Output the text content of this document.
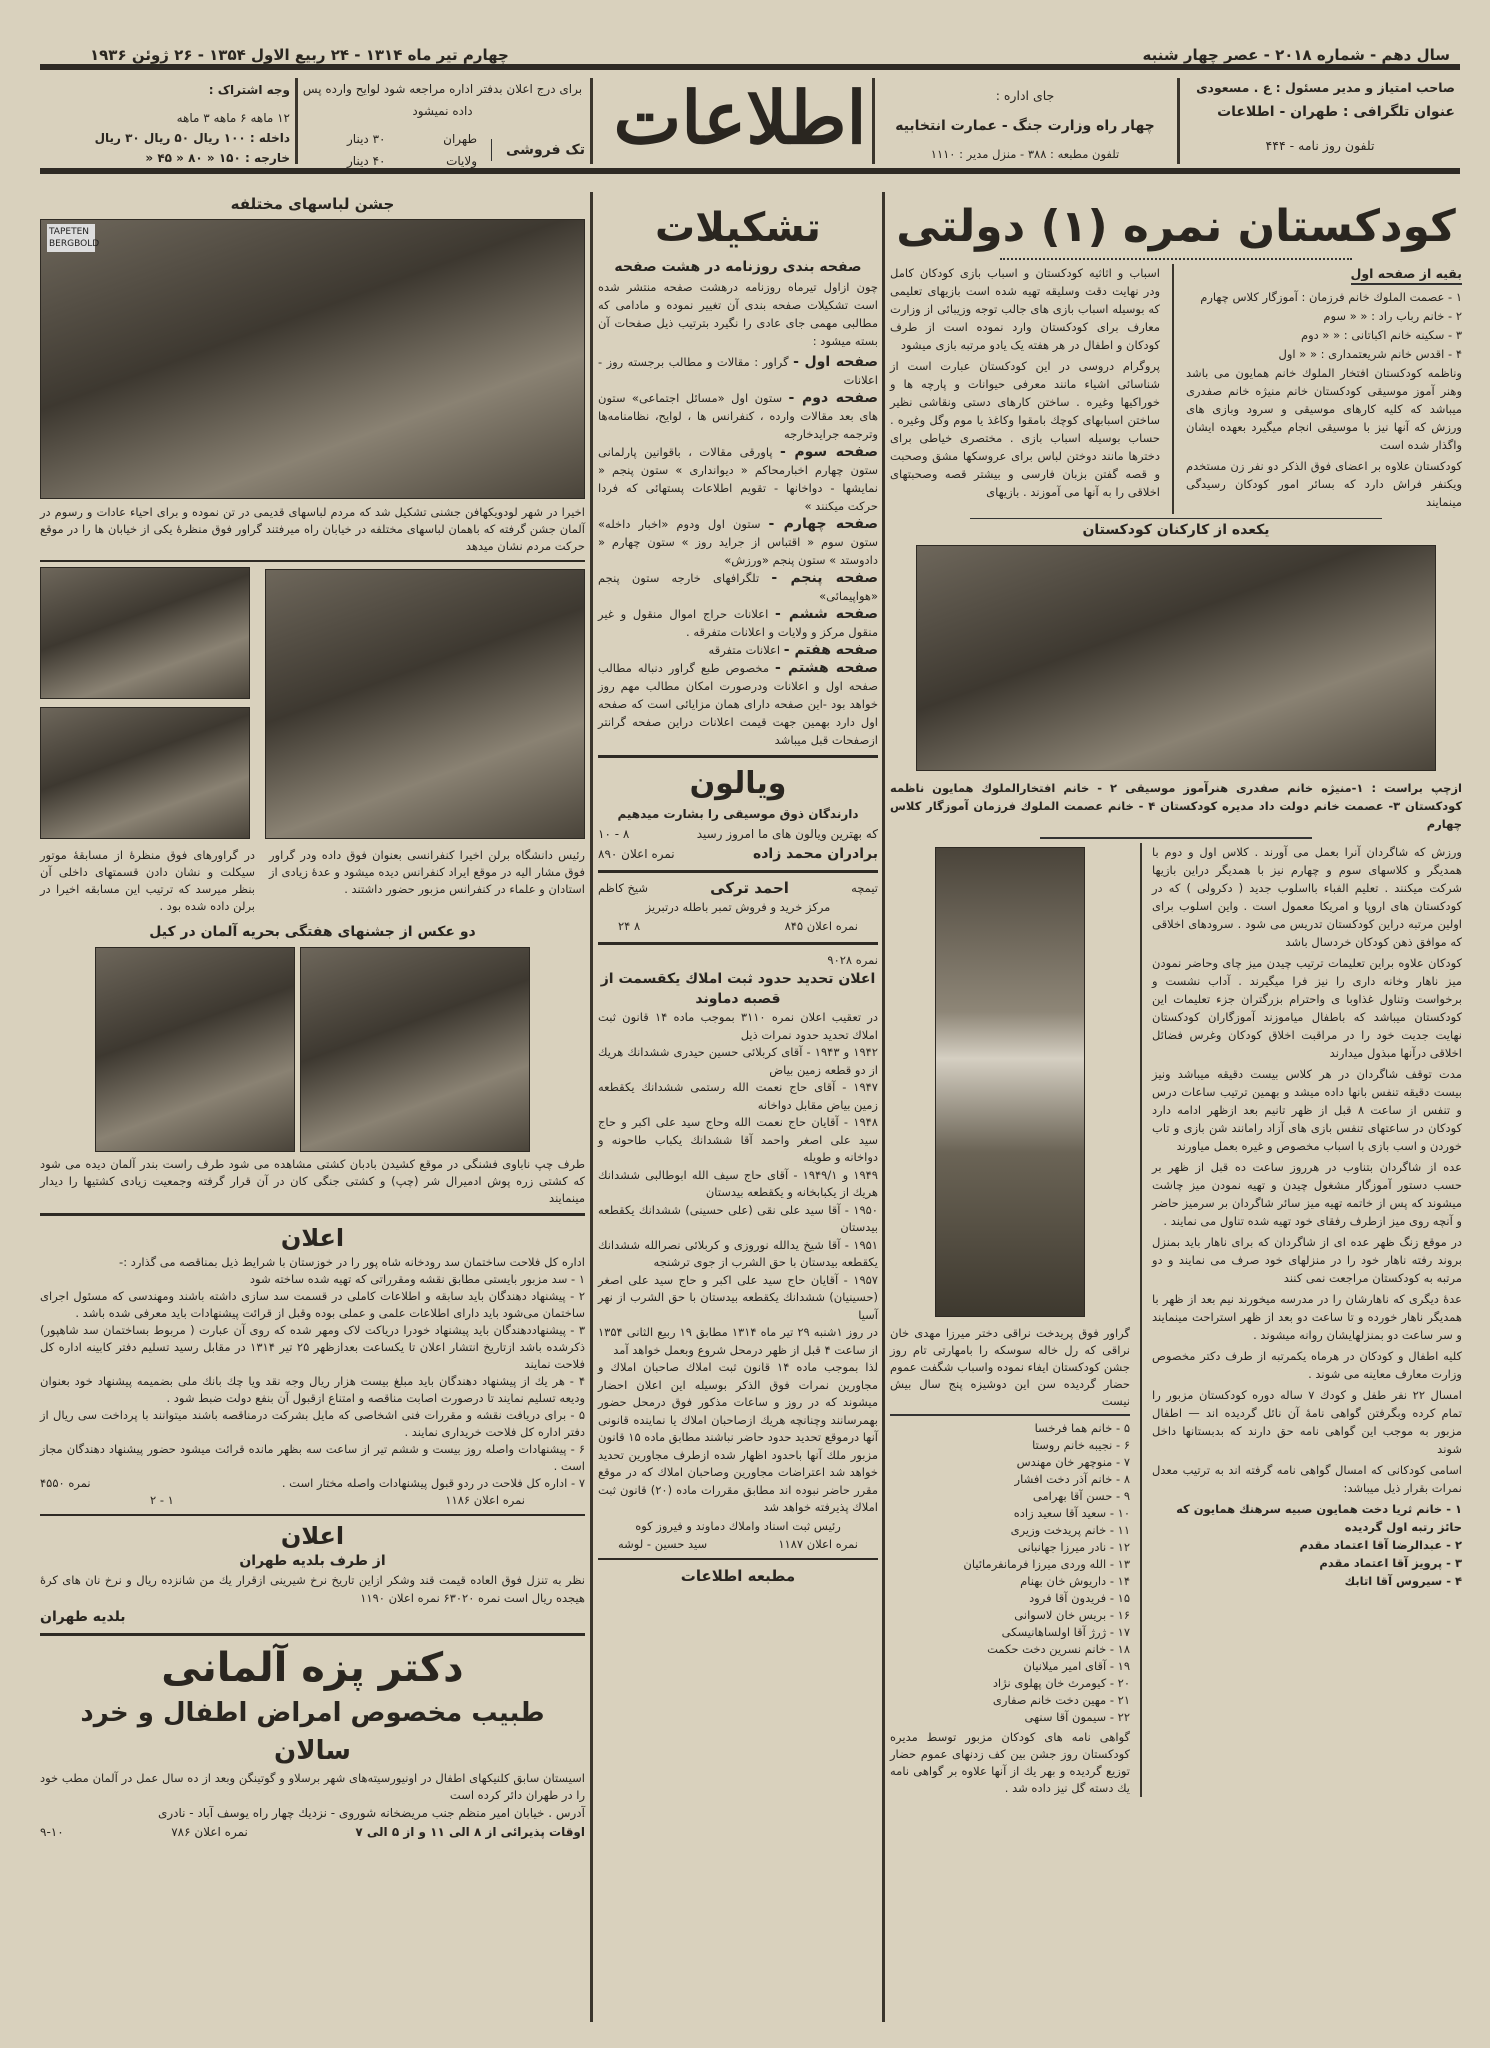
سال دهم - شماره ۲۰۱۸ - عصر چهار شنبه
چهارم تیر ماه ۱۳۱۴ - ۲۴ ربیع الاول ۱۳۵۴ - ۲۶ ژوئن ۱۹۳۶
صاحب امتیاز و مدیر مسئول : ع . مسعودی
عنوان تلگرافی : طهران - اطلاعات
تلفون روز نامه - ۴۴۴
جای اداره :
چهار راه وزارت جنگ - عمارت انتخابیه
تلفون مطبعه : ۳۸۸ - منزل مدیر : ۱۱۱۰
اطلاعات
برای درج اعلان بدفتر اداره مراجعه شود لوایح وارده پس داده نمیشود
تک فروشی
طهران
۳۰ دینار
ولایات
۴۰ دینار
وجه اشتراک :
۱۲ ماهه ۶ ماهه ۳ ماهه
داخله : ۱۰۰ ریال ۵۰ ریال ۳۰ ریال
خارجه : ۱۵۰ « ۸۰ « ۴۵ «
جشن لباسهای مختلفه
TAPETEN BERGBOLD
اخیرا در شهر لودویکهافن جشنی تشکیل شد که مردم لباسهای قدیمی در تن نموده و برای احیاء عادات و رسوم در آلمان جشن گرفته که باهمان لباسهای مختلفه در خیابان راه میرفتند گراور فوق منظرهٔ یکی از خیابان ها را در موقع حرکت مردم نشان میدهد
رئیس دانشگاه برلن اخیرا کنفرانسی بعنوان فوق داده ودر گراور فوق مشار الیه در موقع ایراد کنفرانس دیده میشود و عدهٔ زیادی از استادان و علماء در کنفرانس مزبور حضور داشتند .
در گراورهای فوق منظرهٔ از مسابقهٔ موتور سیکلت و نشان دادن قسمتهای داخلی آن بنظر میرسد که ترتیب این مسابقه اخیرا در برلن داده شده بود .
دو عکس از جشنهای هفتگی بحریه آلمان در کیل
طرف چپ ناباوی فشنگی در موقع کشیدن بادبان کشتی مشاهده می شود طرف راست بندر آلمان دیده می شود که کشتی زره پوش ادمیرال شر (چپ) و کشتی جنگی کان در آن قرار گرفته وجمعیت زیادی کشتیها را دیدار مینمایند
اعلان
اداره کل فلاحت ساختمان سد رودخانه شاه پور را در خوزستان با شرایط ذیل بمناقصه می گذارد :-
۱ - سد مزبور بایستی مطابق نقشه ومقرراتی که تهیه شده ساخته شود
۲ - پیشنهاد دهندگان باید سابقه و اطلاعات کاملی در قسمت سد سازی داشته باشند ومهندسی که مسئول اجرای ساختمان می‌شود باید دارای اطلاعات علمی و عملی بوده وقبل از قرائت پیشنهادات باید معرفی شده باشد .
۳ - پیشنهاددهندگان باید پیشنهاد خودرا دریاکت لاک ومهر شده که روی آن عبارت ( مربوط بساختمان سد شاهپور) ذکرشده باشد ازتاریخ انتشار اعلان تا یکساعت بعدازظهر ۲۵ تیر ۱۳۱۴ در مقابل رسید تسلیم دفتر کابینه اداره کل فلاحت نمایند
۴ - هر یك از پیشنهاد دهندگان باید مبلغ بیست هزار ریال وجه نقد ویا چك بانك ملی بضمیمه پیشنهاد خود بعنوان ودیعه تسلیم نمایند تا درصورت اصابت مناقصه و امتناع ازقبول آن بنفع دولت ضبط شود .
۵ - برای دریافت نقشه و مقررات فنی اشخاصی که مایل بشرکت درمناقصه باشند میتوانند با پرداخت سی ریال از دفتر اداره کل فلاحت خریداری نمایند .
۶ - پیشنهادات واصله روز بیست و ششم تیر از ساعت سه بظهر مانده قرائت میشود حضور پیشنهاد دهندگان مجاز است .
۷ - اداره کل فلاحت در ردو قبول پیشنهادات واصله مختار است .
نمره ۴۵۵۰
نمره اعلان ۱۱۸۶
۱ - ۲
اعلان
از طرف بلدیه طهران
نظر به تنزل فوق العاده قیمت قند وشکر ازاین تاریخ نرخ شیرینی ازقرار یك من شانزده ریال و نرخ نان های کرهٔ هیجده ریال است نمره ۶۳۰۲۰ نمره اعلان ۱۱۹۰
بلدیه طهران
دکتر پزه آلمانی
طبیب مخصوص امراض اطفال و خرد سالان
اسیستان سابق کلنیکهای اطفال در اونیورسیته‌های شهر برسلاو و گوتینگن وبعد از ده سال عمل در آلمان مطب خود را در طهران دائر کرده است
آدرس . خیابان امیر منظم جنب مریضخانه شوروی - نزدیك چهار راه یوسف آباد - نادری
اوقات پذیرائی از ۸ الی ۱۱ و از ۵ الی ۷
نمره اعلان ۷۸۶
۹-۱۰
تشکیلات
صفحه بندی روزنامه در هشت صفحه

چون ازاول تیرماه روزنامه درهشت صفحه منتشر شده است تشکیلات صفحه بندی آن تغییر نموده و مادامی که مطالبی مهمی جای عادی را نگیرد بترتیب ذیل صفحات آن بسته میشود :

صفحه اول - گراور : مقالات و مطالب برجسته روز - اعلانات
صفحه دوم - ستون اول «مسائل اجتماعی» ستون های بعد مقالات وارده ، کنفرانس ها ، لوایح، نظامنامه‌ها وترجمه جرایدخارجه
صفحه سوم - پاورقی مقالات ، باقوانین پارلمانی ستون چهارم اخبارمحاکم « دیوانداری » ستون پنجم « نمایشها - دواخانها - تقویم اطلاعات پستهائی که فردا حرکت میکنند »
صفحه چهارم - ستون اول ودوم «اخبار داخله» ستون سوم « اقتباس از جراید روز » ستون چهارم « دادوستد » ستون پنجم «ورزش»
صفحه پنجم - تلگرافهای خارجه ستون پنجم «هواپیمائی»
صفحه ششم - اعلانات حراج اموال منقول و غیر منقول مرکز و ولایات و اعلانات متفرقه .
صفحه هفتم - اعلانات متفرقه
صفحه هشتم - مخصوص طبع گراور دنباله مطالب صفحه اول و اعلانات ودرصورت امکان مطالب مهم روز خواهد بود -این صفحه دارای همان مزایائی است که صفحه اول دارد بهمین جهت قیمت اعلانات دراین صفحه گرانتر ازصفحات قبل میباشد
ویالون
دارندگان ذوق موسیقی را بشارت میدهیم
که بهترین ویالون های ما امروز رسید
۸ - ۱۰
برادران محمد زاده
نمره اعلان ۸۹۰
تیمچه
احمد ترکی
شیخ کاظم
مرکز خرید و فروش تمبر باطله درتبریز
نمره اعلان ۸۴۵
۸ ۲۴
نمره ۹۰۲۸
اعلان تحدید حدود ثبت املاك یکقسمت از قصبه دماوند
در تعقیب اعلان نمره ۳۱۱۰ بموجب ماده ۱۴ قانون ثبت املاك تحدید حدود نمرات ذیل
۱۹۴۲ و ۱۹۴۳ - آقای کربلائی حسین حیدری ششدانك هریك از دو قطعه زمین بیاض
۱۹۴۷ - آقای حاج نعمت الله رستمی ششدانك یکقطعه زمین بیاض مقابل دواخانه
۱۹۴۸ - آقایان حاج نعمت الله وحاج سید علی اکبر و حاج سید علی اصغر واحمد آقا ششدانك یکباب طاحونه و دواخانه و طویله
۱۹۴۹ و ۱۹۴۹/۱ - آقای حاج سیف الله ابوطالبی ششدانك هریك از یکبابخانه و یکقطعه بیدستان
۱۹۵۰ - آقا سید علی نقی (علی حسینی) ششدانك یکقطعه بیدستان
۱۹۵۱ - آقا شیخ یدالله نوروزی و کربلائی نصرالله ششدانك یکقطعه بیدستان با حق الشرب از جوی ترشنجه
۱۹۵۷ - آقایان حاج سید علی اکبر و حاج سید علی اصغر (حسینیان) ششدانك یکقطعه بیدستان با حق الشرب از نهر آسیا
در روز ۱شنبه ۲۹ تیر ماه ۱۳۱۴ مطابق ۱۹ ربیع الثانی ۱۳۵۴ از ساعت ۴ قبل از ظهر درمحل شروع وبعمل خواهد آمد
لذا بموجب ماده ۱۴ قانون ثبت املاك صاحبان املاك و مجاورین نمرات فوق الذکر بوسیله این اعلان احضار میشوند که در روز و ساعات مذکور فوق درمحل حضور بهمرسانند وچنانچه هریك ازصاحبان املاك یا نماینده قانونی آنها درموقع تحدید حدود حاضر نباشند مطابق ماده ۱۵ قانون مزبور ملك آنها باحدود اظهار شده ازطرف مجاورین تحدید خواهد شد اعتراضات مجاورین وصاحبان املاك که در موقع مقرر حاضر نبوده اند مطابق مقررات ماده (۲۰) قانون ثبت املاك پذیرفته خواهد شد
رئیس ثبت اسناد واملاك دماوند و فیروز کوه
نمره اعلان ۱۱۸۷
سید حسین - لوشه
مطبعه اطلاعات
کودکستان نمره (۱) دولتی
بقیه از صفحه اول
۱ - عصمت الملوك خانم فرزمان : آموزگار کلاس چهارم
۲ - خانم رباب راد : « « سوم
۳ - سکینه خانم اکباتانی : « « دوم
۴ - اقدس خانم شریعتمداری : « « اول

وناظمه کودکستان افتخار الملوك خانم همایون می باشد وهنر آموز موسیقی کودکستان خانم منیژه خانم صفدری میباشد که کلیه کارهای موسیقی و سرود وبازی های ورزش که آنها نیز با موسیقی انجام میگیرد بعهده ایشان واگذار شده است

کودکستان علاوه بر اعضای فوق الذکر دو نفر زن مستخدم ویکنفر فراش دارد که بسائر امور کودکان رسیدگی مینمایند

اسباب و اثاثیه کودکستان و اسباب بازی کودکان کامل ودر نهایت دقت وسلیقه تهیه شده است بازیهای تعلیمی که بوسیله اسباب بازی های جالب توجه وزیبائی از وزارت معارف برای کودکستان وارد نموده است از طرف کودکان و اطفال در هر هفته یک یادو مرتبه بازی میشود

پروگرام دروسی در این کودکستان عبارت است از شناسائی اشیاء مانند معرفی حیوانات و پارچه ها و خوراکیها وغیره . ساختن کارهای دستی ونقاشی نظیر ساختن اسبابهای کوچك بامقوا وکاغذ یا موم وگل وغیره . حساب بوسیله اسباب بازی . مختصری خیاطی برای دخترها مانند دوختن لباس برای عروسکها مشق وصحبت و قصه گفتن بزبان فارسی و بیشتر قصه وصحبتهای اخلاقی را به آنها می آموزند . بازیهای

یکعده از کارکنان کودکستان
ازچپ براست : ۱-منیژه خانم صفدری هنرآموز موسیقی ۲ - خانم افتخارالملوك همایون ناظمه کودکستان ۳- عصمت خانم دولت داد مدیره کودکستان ۴ - خانم عصمت الملوك فرزمان آموزگار کلاس چهارم
گراور فوق پریدخت نراقی دختر میرزا مهدی خان نراقی که رل خاله سوسکه را بامهارتی تام روز جشن کودکستان ایفاء نموده واسباب شگفت عموم حضار گردیده سن این دوشیزه پنج سال بیش نیست
۵ - خانم هما فرخسا
۶ - نجیبه خانم روستا
۷ - منوچهر خان مهندس
۸ - خانم آذر دخت افشار
۹ - حسن آقا بهرامی
۱۰ - سعید آقا سعید زاده
۱۱ - خانم پریدخت وزیری
۱۲ - نادر میرزا جهانبانی
۱۳ - الله وردی میرزا فرمانفرمائیان
۱۴ - داریوش خان بهنام
۱۵ - فریدون آقا فرود
۱۶ - بریس خان لاسوانی
۱۷ - ژرژ آقا اولساهانیسکی
۱۸ - خانم نسرین دخت حکمت
۱۹ - آقای امیر میلانیان
۲۰ - کیومرث خان پهلوی نژاد
۲۱ - مهین دخت خانم صفاری
۲۲ - سیمون آقا سنهی
گواهی نامه های کودکان مزبور توسط مدیره کودکستان روز جشن بین کف زدنهای عموم حضار توزیع گردیده و بهر یك از آنها علاوه بر گواهی نامه یك دسته گل نیز داده شد .

ورزش که شاگردان آنرا بعمل می آورند . کلاس اول و دوم با همدیگر و کلاسهای سوم و چهارم نیز با همدیگر دراین بازیها شرکت میکنند . تعلیم الفباء بااسلوب جدید ( دکرولی ) که در کودکستان های اروپا و امریکا معمول است . واین اسلوب برای اولین مرتبه دراین کودکستان تدریس می شود . سرودهای اخلاقی که موافق ذهن کودکان خردسال باشد

کودکان علاوه براین تعلیمات ترتیب چیدن میز چای وحاضر نمودن میز ناهار وخانه داری را نیز فرا میگیرند . آداب نشست و برخواست وتناول غذاوبا ی واحترام بزرگتران جزء تعلیمات این کودکستان میباشد که باطفال میاموزند آموزگاران کودکستان نهایت جدیت خود را در مراقبت اخلاق کودکان وغرس فضائل اخلاقی درآنها مبذول میدارند

مدت توقف شاگردان در هر کلاس بیست دقیقه میباشد ونیز بیست دقیقه تنفس بانها داده میشد و بهمین ترتیب ساعات درس و تنفس از ساعت ۸ قبل از ظهر تانیم بعد ازظهر ادامه دارد کودکان در ساعتهای تنفس بازی های آزاد رامانند شن بازی و تاب خوردن و اسب بازی با اسباب مخصوص و غیره بعمل میاورند

عده از شاگردان بتناوب در هرروز ساعت ده قبل از ظهر بر حسب دستور آموزگار مشغول چیدن و تهیه نمودن میز چاشت میشوند که پس از خاتمه تهیه میز سائر شاگردان بر سرمیز حاضر و آنچه روی میز ازطرف رفقای خود تهیه شده تناول می نمایند .

در موقع زنگ ظهر عده ای از شاگردان که برای ناهار باید بمنزل بروند رفته ناهار خود را در منزلهای خود صرف می نمایند و دو مرتبه به کودکستان مراجعت نمی کنند

عدهٔ دیگری که ناهارشان را در مدرسه میخورند نیم بعد از ظهر با همدیگر ناهار خورده و تا ساعت دو بعد از ظهر استراحت مینمایند و سر ساعت دو بمنزلهایشان روانه میشوند .

کلیه اطفال و کودکان در هرماه یکمرتبه از طرف دکتر مخصوص وزارت معارف معاینه می شوند .

امسال ۲۲ نفر طفل و کودك ۷ ساله دوره کودکستان مزبور را تمام کرده وبگرفتن گواهی نامهٔ آن نائل گردیده اند — اطفال مزبور به موجب این گواهی نامه حق دارند که بدبستانها داخل شوند

اسامی کودکانی که امسال گواهی نامه گرفته اند به ترتیب معدل نمرات بقرار ذیل میباشد:

۱ - خانم ثریا دخت همایون صبیه سرهنك همایون که حائز رتبه اول گردیده
۲ - عبدالرضا آقا اعتماد مقدم
۳ - پرویز آقا اعتماد مقدم
۴ - سیروس آقا اتابك
